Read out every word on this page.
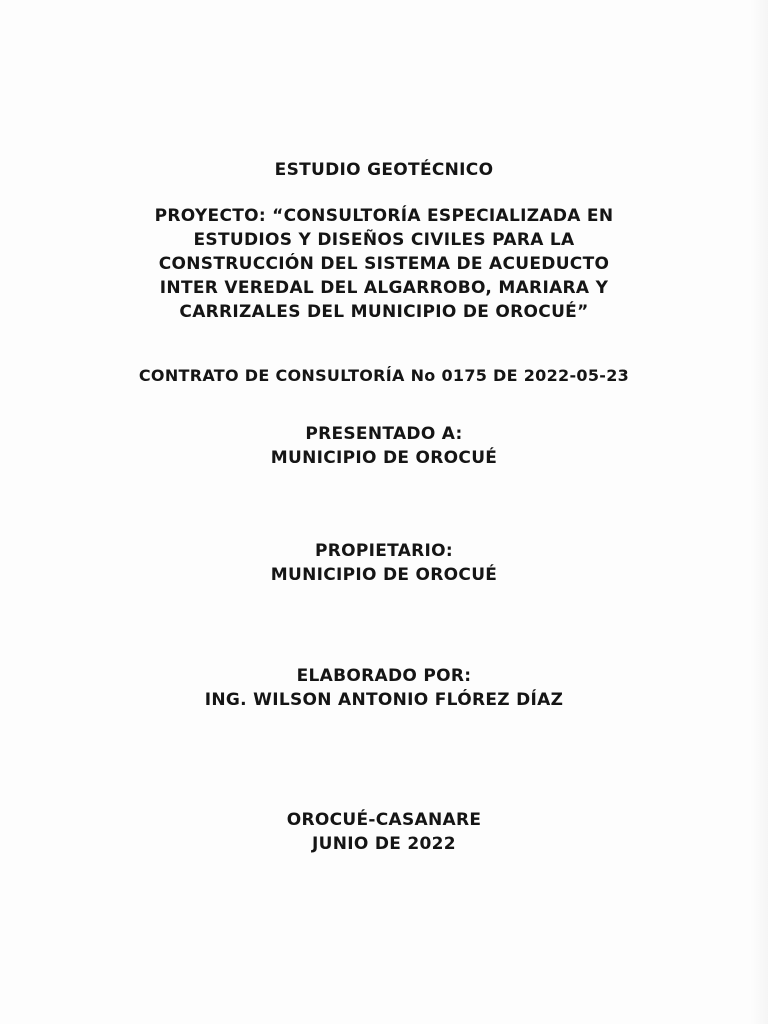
ESTUDIO GEOTÉCNICO
PROYECTO: “CONSULTORÍA ESPECIALIZADA EN
ESTUDIOS Y DISEÑOS CIVILES PARA LA
CONSTRUCCIÓN DEL SISTEMA DE ACUEDUCTO
INTER VEREDAL DEL ALGARROBO, MARIARA Y
CARRIZALES DEL MUNICIPIO DE OROCUÉ”
CONTRATO DE CONSULTORÍA No 0175 DE 2022-05-23
PRESENTADO A:
MUNICIPIO DE OROCUÉ
PROPIETARIO:
MUNICIPIO DE OROCUÉ
ELABORADO POR:
ING. WILSON ANTONIO FLÓREZ DÍAZ
OROCUÉ-CASANARE
JUNIO DE 2022
